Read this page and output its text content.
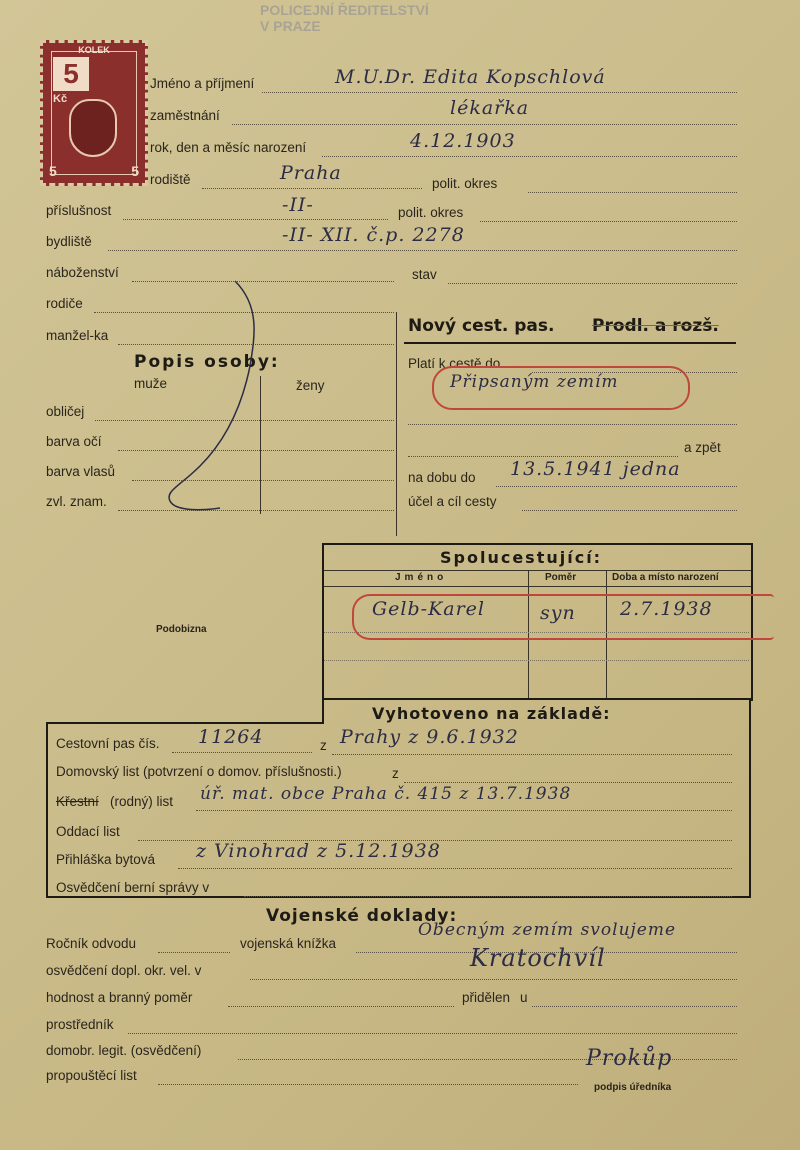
POLICEJNÍ ŘEDITELSTVÍ
V PRAZE
KOLEK
5
Kč
5	5
Jméno a příjmení	M.U.Dr. Edita Kopschlová
zaměstnání	lékařka
rok, den a měsíc narození	4.12.1903
rodiště	Praha	polit. okres
příslušnost	-II-	polit. okres
bydliště	-II- XII. č.p. 2278
náboženství	stav
rodiče
manžel-ka
Popis osoby:
muže	ženy
obličej
barva očí
barva vlasů
zvl. znam.
Nový cest. pas. Prodl. a rozš.
Platí k cestě do
Připsaným zemím
a zpět
na dobu do 13.5.1941 jedna
účel a cíl cesty
Podobizna
Spolucestující:
Jméno	Poměr	Doba a místo narození
Gelb-Karel	syn 2.7.1938
Vyhotoveno na základě:
Cestovní pas čís. 11264	z Prahy z 9.6.1932
Domovský list (potvrzení o domov. příslušnosti.)	z
Křestní (rodný) list úř. mat. obce Praha č. 415 z 13.7.1938
Oddací list
Přihláška bytová z Vinohrad z 5.12.1938
Osvědčení berní správy v
Vojenské doklady:
Ročník odvodu	vojenská knížka
Obecným zemím svolujeme
osvědčení dopl. okr. vel. v	Kratochvíl
hodnost a branný poměr	přidělen u
prostředník
domobr. legit. (osvědčení)
propouštěcí list
Prokůp
podpis úředníka
